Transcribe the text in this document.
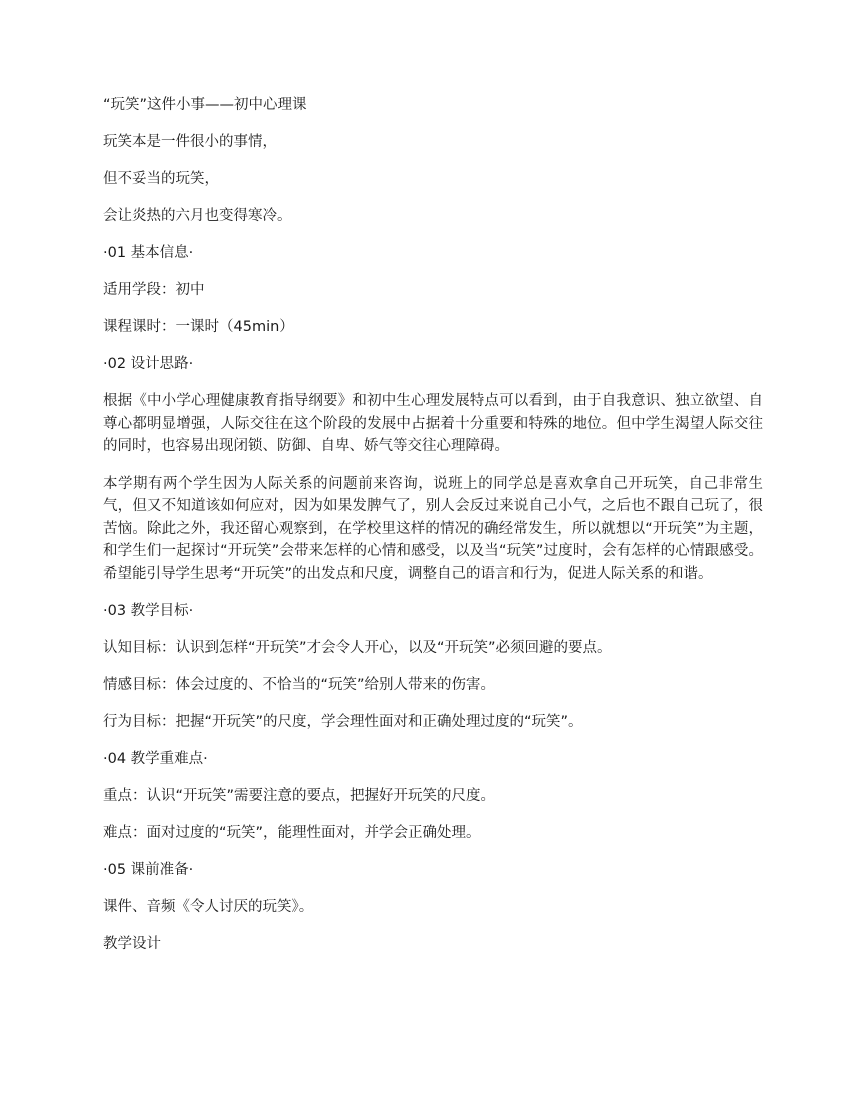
“玩笑”这件小事——初中心理课

玩笑本是一件很小的事情，

但不妥当的玩笑，

会让炎热的六月也变得寒冷。

·01 基本信息·

适用学段：初中

课程课时：一课时（45min）

·02 设计思路·

根据《中小学心理健康教育指导纲要》和初中生心理发展特点可以看到，由于自我意识、独立欲望、自尊心都明显增强，人际交往在这个阶段的发展中占据着十分重要和特殊的地位。但中学生渴望人际交往的同时，也容易出现闭锁、防御、自卑、娇气等交往心理障碍。

本学期有两个学生因为人际关系的问题前来咨询，说班上的同学总是喜欢拿自己开玩笑，自己非常生气，但又不知道该如何应对，因为如果发脾气了，别人会反过来说自己小气，之后也不跟自己玩了，很苦恼。除此之外，我还留心观察到，在学校里这样的情况的确经常发生，所以就想以“开玩笑”为主题，和学生们一起探讨“开玩笑”会带来怎样的心情和感受，以及当“玩笑”过度时，会有怎样的心情跟感受。希望能引导学生思考“开玩笑”的出发点和尺度，调整自己的语言和行为，促进人际关系的和谐。

·03 教学目标·

认知目标：认识到怎样“开玩笑”才会令人开心，以及“开玩笑”必须回避的要点。

情感目标：体会过度的、不恰当的“玩笑”给别人带来的伤害。

行为目标：把握“开玩笑”的尺度，学会理性面对和正确处理过度的“玩笑”。

·04 教学重难点·

重点：认识“开玩笑”需要注意的要点，把握好开玩笑的尺度。

难点：面对过度的“玩笑”，能理性面对，并学会正确处理。

·05 课前准备·

课件、音频《令人讨厌的玩笑》。

教学设计
